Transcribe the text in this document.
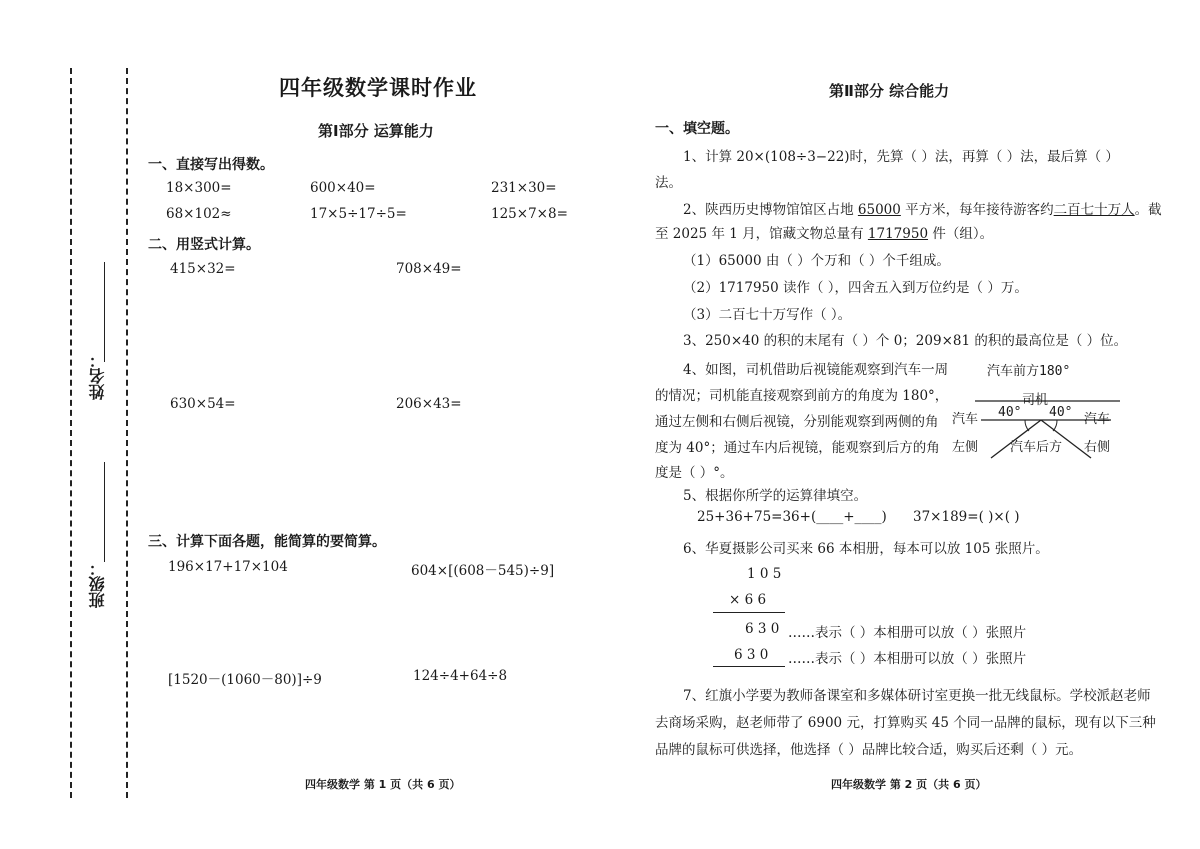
姓名：
班级：
四年级数学课时作业
第Ⅰ部分 运算能力
一、直接写出得数。
18×300=	600×40=	231×30=
68×102≈	17×5÷17÷5=	125×7×8=
二、用竖式计算。
415×32=	708×49=
630×54=	206×43=
三、计算下面各题，能简算的要简算。
196×17+17×104	604×[(608－545)÷9]
[1520－(1060－80)]÷9	124÷4+64÷8
四年级数学 第 1 页（共 6 页）
第Ⅱ部分 综合能力
一、填空题。
1、计算 20×(108÷3−22)时，先算（ ）法，再算（ ）法，最后算（ ）
法。
2、陕西历史博物馆馆区占地 65000 平方米，每年接待游客约二百七十万人。截
至 2025 年 1 月，馆藏文物总量有 1717950 件（组）。
（1）65000 由（ ）个万和（ ）个千组成。
（2）1717950 读作（ ），四舍五入到万位约是（ ）万。
（3）二百七十万写作（ ）。
3、250×40 的积的末尾有（ ）个 0；209×81 的积的最高位是（ ）位。
4、如图，司机借助后视镜能观察到汽车一周
的情况；司机能直接观察到前方的角度为 180°，
通过左侧和右侧后视镜，分别能观察到两侧的角
度为 40°；通过车内后视镜，能观察到后方的角
度是（ ）°。
汽车前方180°
司机
40° 40°
汽车
左侧
汽车
右侧
汽车后方
5、根据你所学的运算律填空。
25+36+75=36+(____+____) 37×189=( )×( )
6、华夏摄影公司买来 66 本相册，每本可以放 105 张照片。
1 0 5
× 6 6
6 3 0 ……表示（ ）本相册可以放（ ）张照片
6 3 0 ……表示（ ）本相册可以放（ ）张照片
7、红旗小学要为教师备课室和多媒体研讨室更换一批无线鼠标。学校派赵老师
去商场采购，赵老师带了 6900 元，打算购买 45 个同一品牌的鼠标，现有以下三种
品牌的鼠标可供选择，他选择（ ）品牌比较合适，购买后还剩（ ）元。
四年级数学 第 2 页（共 6 页）
